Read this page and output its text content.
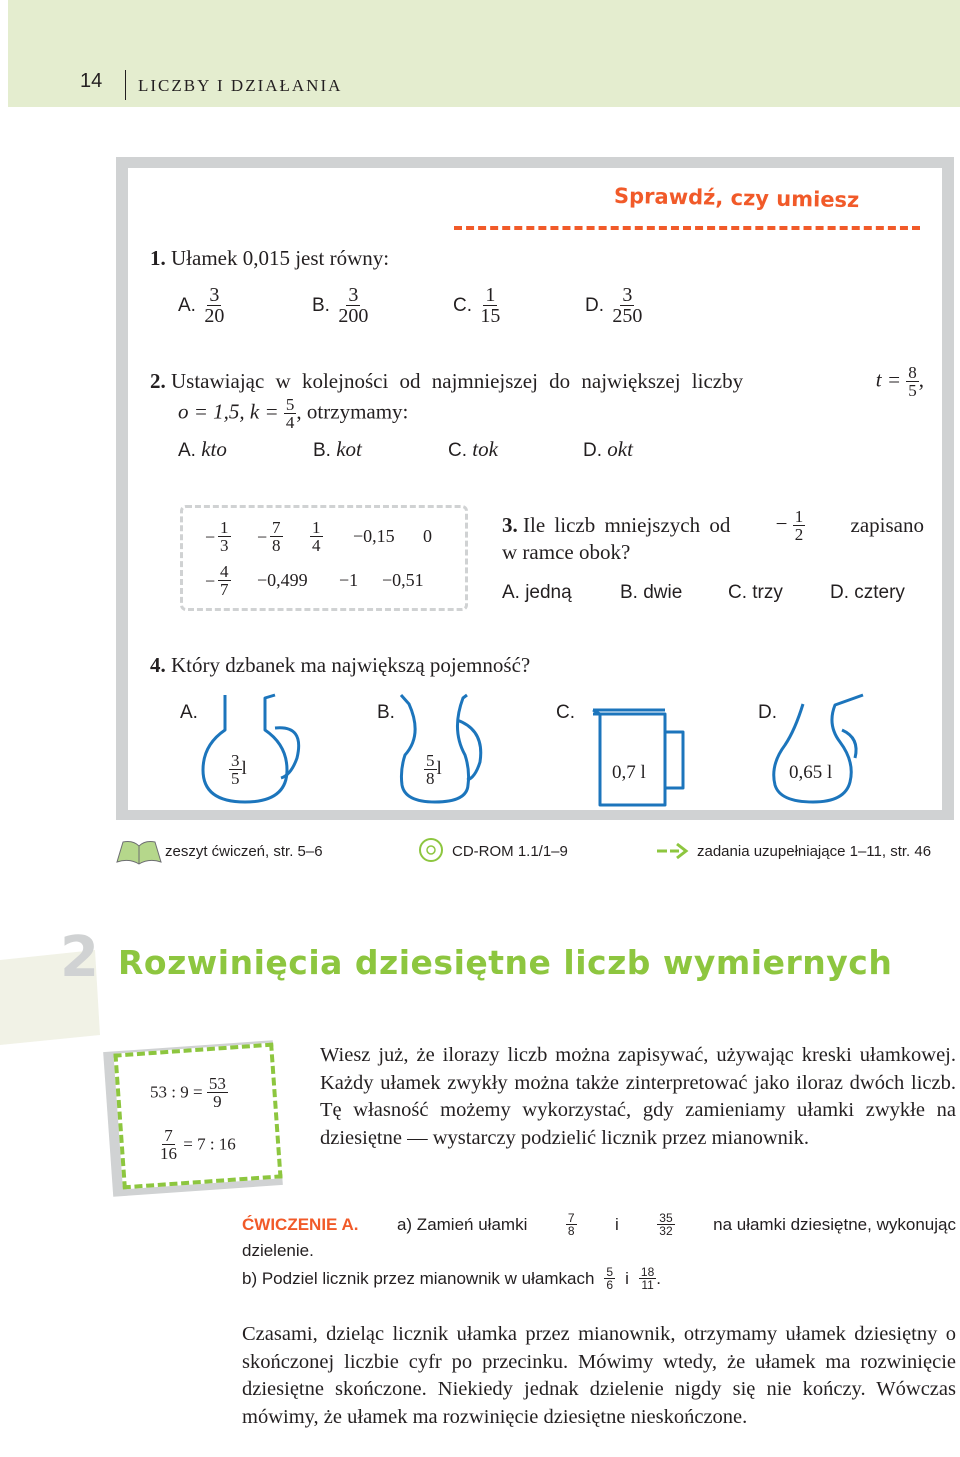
14 LICZBY I DZIAŁANIA
Sprawdź, czy umiesz
1. Ułamek 0,015 jest równy:
A. $\frac{3}{20}$	B. $\frac{3}{200}$	C. $\frac{1}{15}$	D. $\frac{3}{250}$
2. Ustawiając w kolejności od najmniejszej do największej liczby	$t = \frac{8}{5}$ ,
o = 1,5, $k = \frac{5}{4}$ , otrzymamy:
A. kto	B. kot	C. tok	D. okt
− $\frac{1}{3} - \frac{7}{8} \frac{1}{4} -0,15$ 0
− $\frac{4}{7} -0,499 -1 -0,51$
3. Ile liczb mniejszych od − $\frac{1}{2}$ zapisano
w ramce obok?
A. jedną	B. dwie C. trzy D. cztery
4. Który dzbanek ma największą pojemność?
A.	B.	C.	D.
$\frac{3}{5}$ l	$\frac{5}{8}$ l	0,7 l	0,65 l
zeszyt ćwiczeń, str. 5–6	CD-ROM 1.1/1–9	zadania uzupełniające 1–11, str. 46
2 Rozwinięcia dziesiętne liczb wymiernych
53 : $9 = \frac{53}{9}$
$\frac{7}{16} = 7$ : 16
Wiesz już, że ilorazy liczb można zapisywać, używając kreski ułamkowej. Każdy ułamek zwykły można także zinterpretować jako iloraz dwóch liczb. Tę własność możemy wykorzystać, gdy zamieniamy ułamki zwykłe na dziesiętne — wystarczy podzielić licznik przez mianownik.
ĆWICZENIE A. a) Zamień ułamki	$\frac{7}{8}$ i	$\frac{35}{32}$ na ułamki dziesiętne, wykonując
dzielenie.
b) Podziel licznik przez mianownik w ułamkach $\frac{5}{6}$ i $\frac{18}{11}$ .
Czasami, dzieląc licznik ułamka przez mianownik, otrzymamy ułamek dziesiętny o skończonej liczbie cyfr po przecinku. Mówimy wtedy, że ułamek ma rozwinięcie dziesiętne skończone. Niekiedy jednak dzielenie nigdy się nie kończy. Wówczas mówimy, że ułamek ma rozwinięcie dziesiętne nieskończone.
